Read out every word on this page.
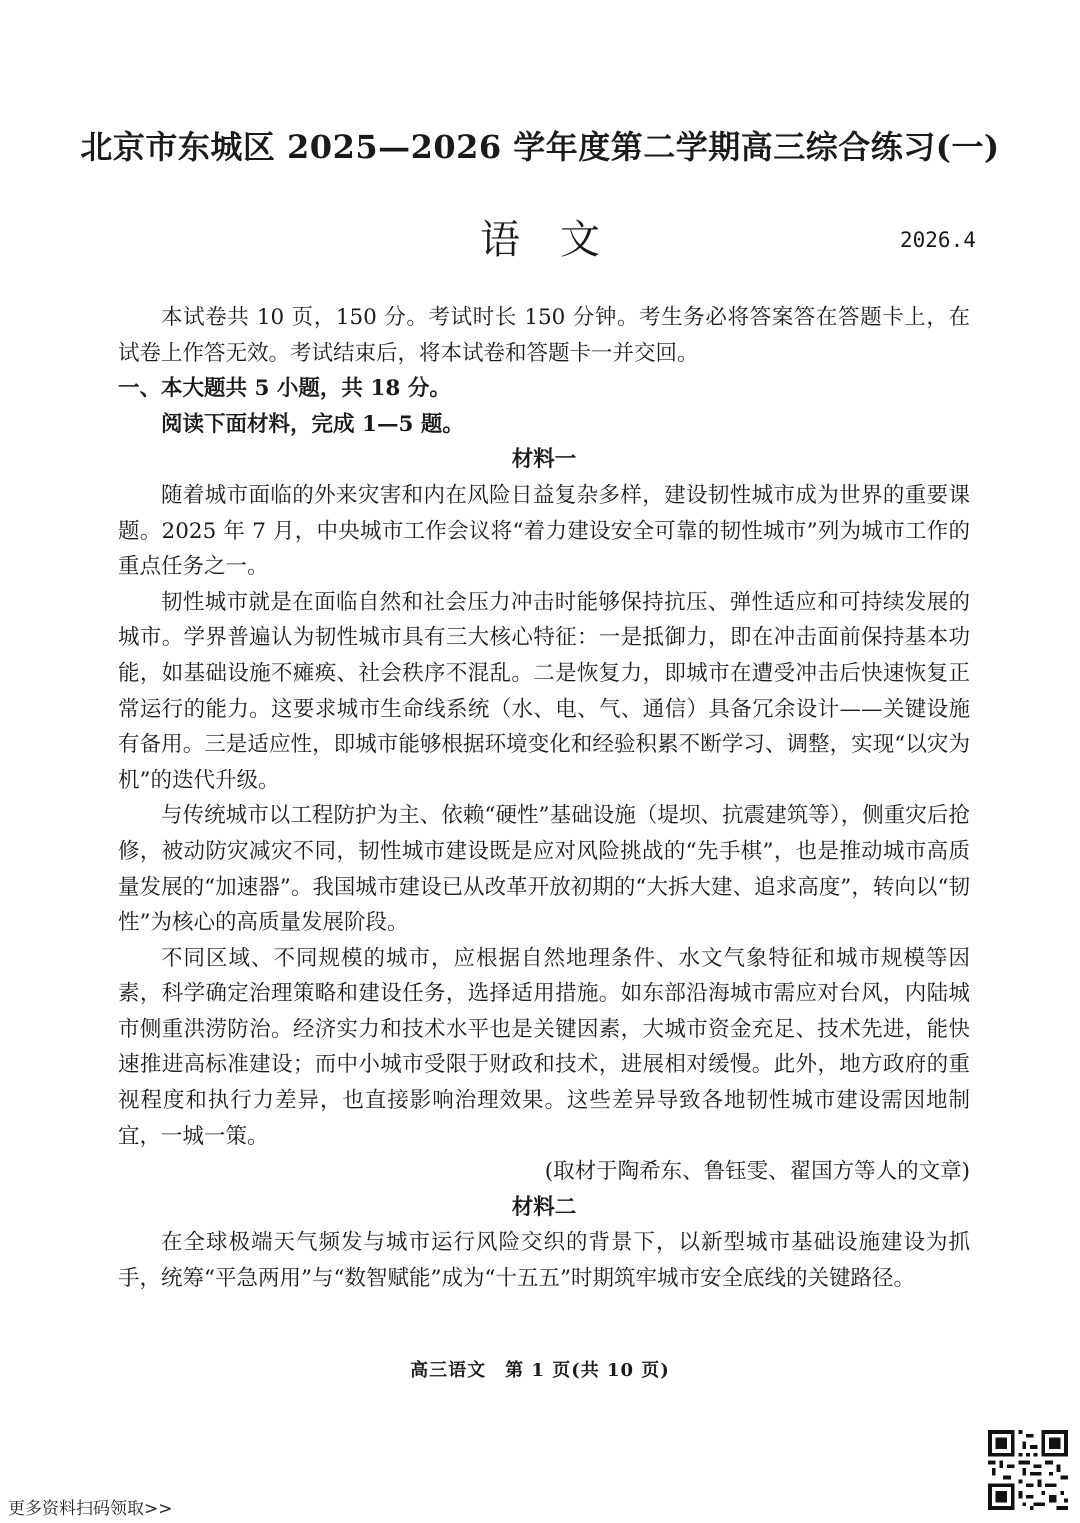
北京市东城区 2025—2026 学年度第二学期高三综合练习(一)
语文	2026.4

本试卷共 10 页，150 分。考试时长 150 分钟。考生务必将答案答在答题卡上，在试卷上作答无效。考试结束后，将本试卷和答题卡一并交回。

一、本大题共 5 小题，共 18 分。

阅读下面材料，完成 1—5 题。

材料一

随着城市面临的外来灾害和内在风险日益复杂多样，建设韧性城市成为世界的重要课题。2025 年 7 月，中央城市工作会议将“着力建设安全可靠的韧性城市”列为城市工作的重点任务之一。

韧性城市就是在面临自然和社会压力冲击时能够保持抗压、弹性适应和可持续发展的城市。学界普遍认为韧性城市具有三大核心特征：一是抵御力，即在冲击面前保持基本功能，如基础设施不瘫痪、社会秩序不混乱。二是恢复力，即城市在遭受冲击后快速恢复正常运行的能力。这要求城市生命线系统（水、电、气、通信）具备冗余设计——关键设施有备用。三是适应性，即城市能够根据环境变化和经验积累不断学习、调整，实现“以灾为机”的迭代升级。

与传统城市以工程防护为主、依赖“硬性”基础设施（堤坝、抗震建筑等），侧重灾后抢修，被动防灾减灾不同，韧性城市建设既是应对风险挑战的“先手棋”，也是推动城市高质量发展的“加速器”。我国城市建设已从改革开放初期的“大拆大建、追求高度”，转向以“韧性”为核心的高质量发展阶段。

不同区域、不同规模的城市，应根据自然地理条件、水文气象特征和城市规模等因素，科学确定治理策略和建设任务，选择适用措施。如东部沿海城市需应对台风，内陆城市侧重洪涝防治。经济实力和技术水平也是关键因素，大城市资金充足、技术先进，能快速推进高标准建设；而中小城市受限于财政和技术，进展相对缓慢。此外，地方政府的重视程度和执行力差异，也直接影响治理效果。这些差异导致各地韧性城市建设需因地制宜，一城一策。

(取材于陶希东、鲁钰雯、翟国方等人的文章)

材料二

在全球极端天气频发与城市运行风险交织的背景下，以新型城市基础设施建设为抓手，统筹“平急两用”与“数智赋能”成为“十五五”时期筑牢城市安全底线的关键路径。

高三语文　第 1 页(共 10 页)
更多资料扫码领取>>
